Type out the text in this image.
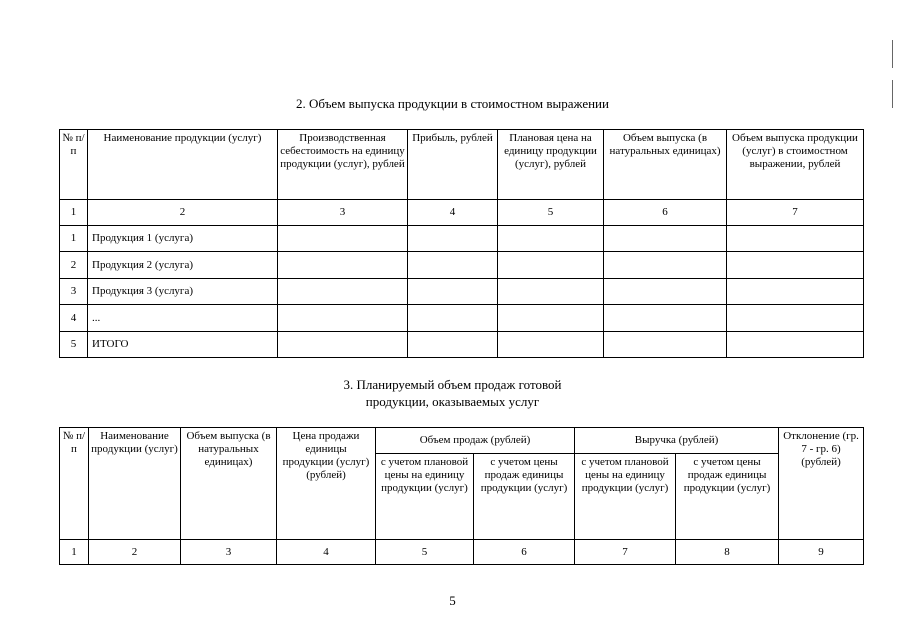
2. Объем выпуска продукции в стоимостном выражении
№ п/п	Наименование продукции (услуг)	Производственная себестоимость на единицу продукции (услуг), рублей	Прибыль, рублей	Плановая цена на единицу продукции (услуг), рублей	Объем выпуска (в натуральных единицах)	Объем выпуска продукции (услуг) в стоимостном выражении, рублей
1	2	3	4	5	6	7
1	Продукция 1 (услуга)					
2	Продукция 2 (услуга)					
3	Продукция 3 (услуга)					
4	...					
5	ИТОГО					
3. Планируемый объем продаж готовой
продукции, оказываемых услуг
№ п/п	Наименование продукции (услуг)	Объем выпуска (в натуральных единицах)	Цена продажи единицы продукции (услуг) (рублей)	Объем продаж (рублей)		Выручка (рублей)		Отклонение (гр. 7 - гр. 6) (рублей)
				с учетом плановой цены на единицу продукции (услуг)	с учетом цены продаж единицы продукции (услуг)	с учетом плановой цены на единицу продукции (услуг)	с учетом цены продаж единицы продукции (услуг)	
1	2	3	4	5	6	7	8	9
5
